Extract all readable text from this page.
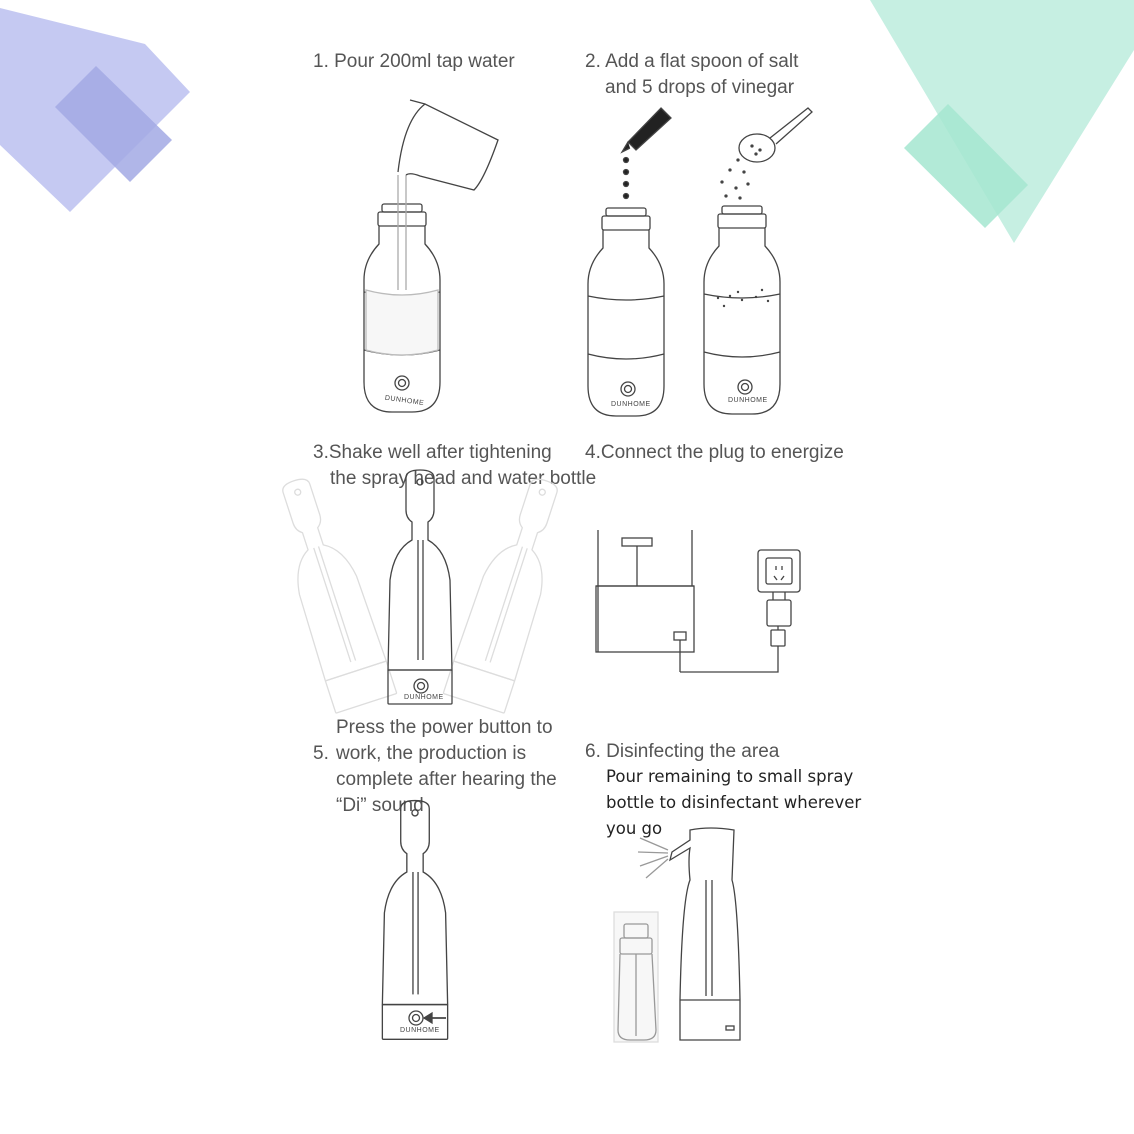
1. Pour 200ml tap water	2. Add a flat spoon of salt
and 5 drops of vinegar
3.Shake well after tightening
the spray head and water bottle
4.Connect the plug to energize
5.
Press the power button to
work, the production is
complete after hearing the
“Di” sound
6. Disinfecting the area
Pour remaining to small spray
bottle to disinfectant wherever
you go
DUNHOME	DUNHOME
DUNHOME
DUNHOME
DUNHOME
